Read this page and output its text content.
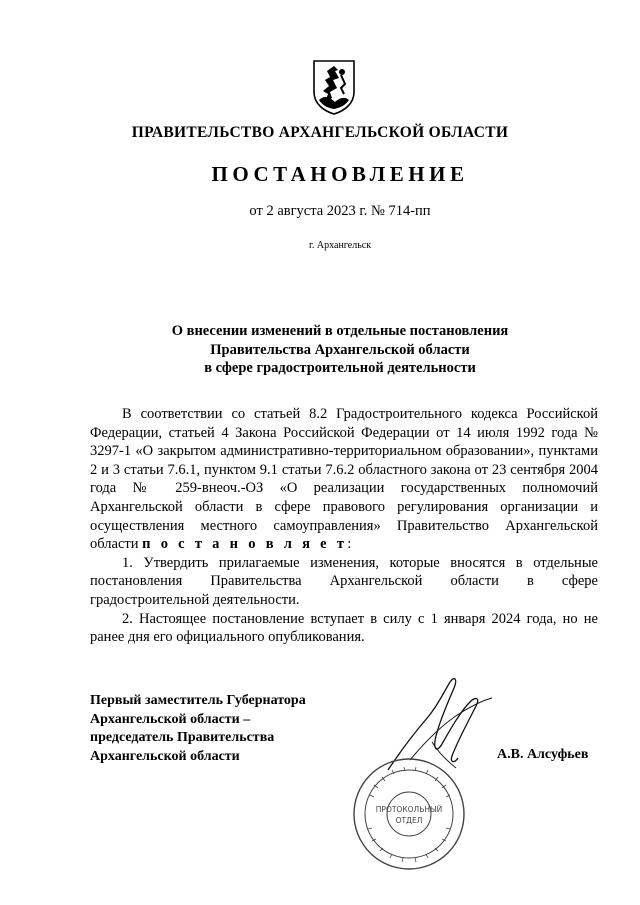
ПРАВИТЕЛЬСТВО АРХАНГЕЛЬСКОЙ ОБЛАСТИ
ПОСТАНОВЛЕНИЕ
от 2 августа 2023 г. № 714-пп
г. Архангельск
О внесении изменений в отдельные постановления
Правительства Архангельской области
в сфере градостроительной деятельности

В соответствии со статьей 8.2 Градостроительного кодекса Российской Федерации, статьей 4 Закона Российской Федерации от 14 июля 1992 года № 3297-1 «О закрытом административно-территориальном образовании», пунктами 2 и 3 статьи 7.6.1, пунктом 9.1 статьи 7.6.2 областного закона от 23 сентября 2004 года № 259-внеоч.-ОЗ «О реализации государственных полномочий Архангельской области в сфере правового регулирования организации и осуществления местного самоуправления» Правительство Архангельской области п о с т а н о в л я е т:

1. Утвердить прилагаемые изменения, которые вносятся в отдельные постановления Правительства Архангельской области в сфере градостроительной деятельности.

2. Настоящее постановление вступает в силу с 1 января 2024 года, но не ранее дня его официального опубликования.

Первый заместитель Губернатора
Архангельской области –
председатель Правительства
Архангельской области	А.В. Алсуфьев
ПРОТОКОЛЬНЫЙ
ОТДЕЛ
